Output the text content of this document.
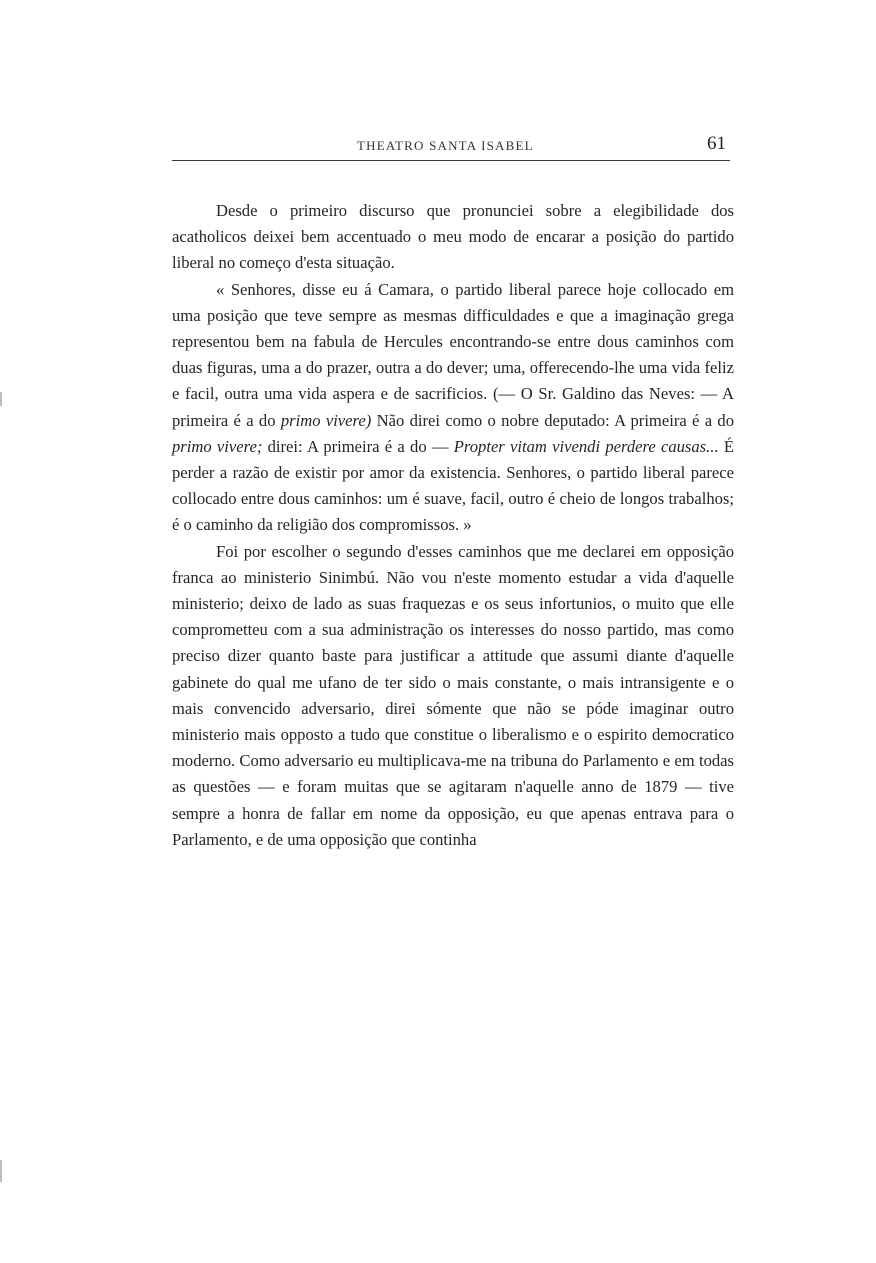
THEATRO SANTA ISABEL	61

Desde o primeiro discurso que pronunciei sobre a elegibilidade dos acatholicos deixei bem accentuado o meu modo de encarar a posição do partido liberal no começo d'esta situação.

« Senhores, disse eu á Camara, o partido liberal parece hoje collocado em uma posição que teve sempre as mesmas difficuldades e que a imaginação grega representou bem na fabula de Hercules encontrando-se entre dous caminhos com duas figuras, uma a do prazer, outra a do dever; uma, offerecendo-lhe uma vida feliz e facil, outra uma vida aspera e de sacrificios. (— O Sr. Galdino das Neves: — A primeira é a do primo vivere) Não direi como o nobre deputado: A primeira é a do primo vivere; direi: A primeira é a do — Propter vitam vivendi perdere causas... É perder a razão de existir por amor da existencia. Senhores, o partido liberal parece collocado entre dous caminhos: um é suave, facil, outro é cheio de longos trabalhos; é o caminho da religião dos compromissos. »

Foi por escolher o segundo d'esses caminhos que me declarei em opposição franca ao ministerio Sinimbú. Não vou n'este momento estudar a vida d'aquelle ministerio; deixo de lado as suas fraquezas e os seus infortunios, o muito que elle compromettеu com a sua administração os interesses do nosso partido, mas como preciso dizer quanto baste para justificar a attitude que assumi diante d'aquelle gabinete do qual me ufano de ter sido o mais constante, o mais intransigente e o mais convencido adversario, direi sómente que não se póde imaginar outro ministerio mais opposto a tudo que constitue o liberalismo e o espirito democratico moderno. Como adversario eu multiplicava-me na tribuna do Parlamento e em todas as questões — e foram muitas que se agitaram n'aquelle anno de 1879 — tive sempre a honra de fallar em nome da opposição, eu que apenas entrava para o Parlamento, e de uma opposição que continha
